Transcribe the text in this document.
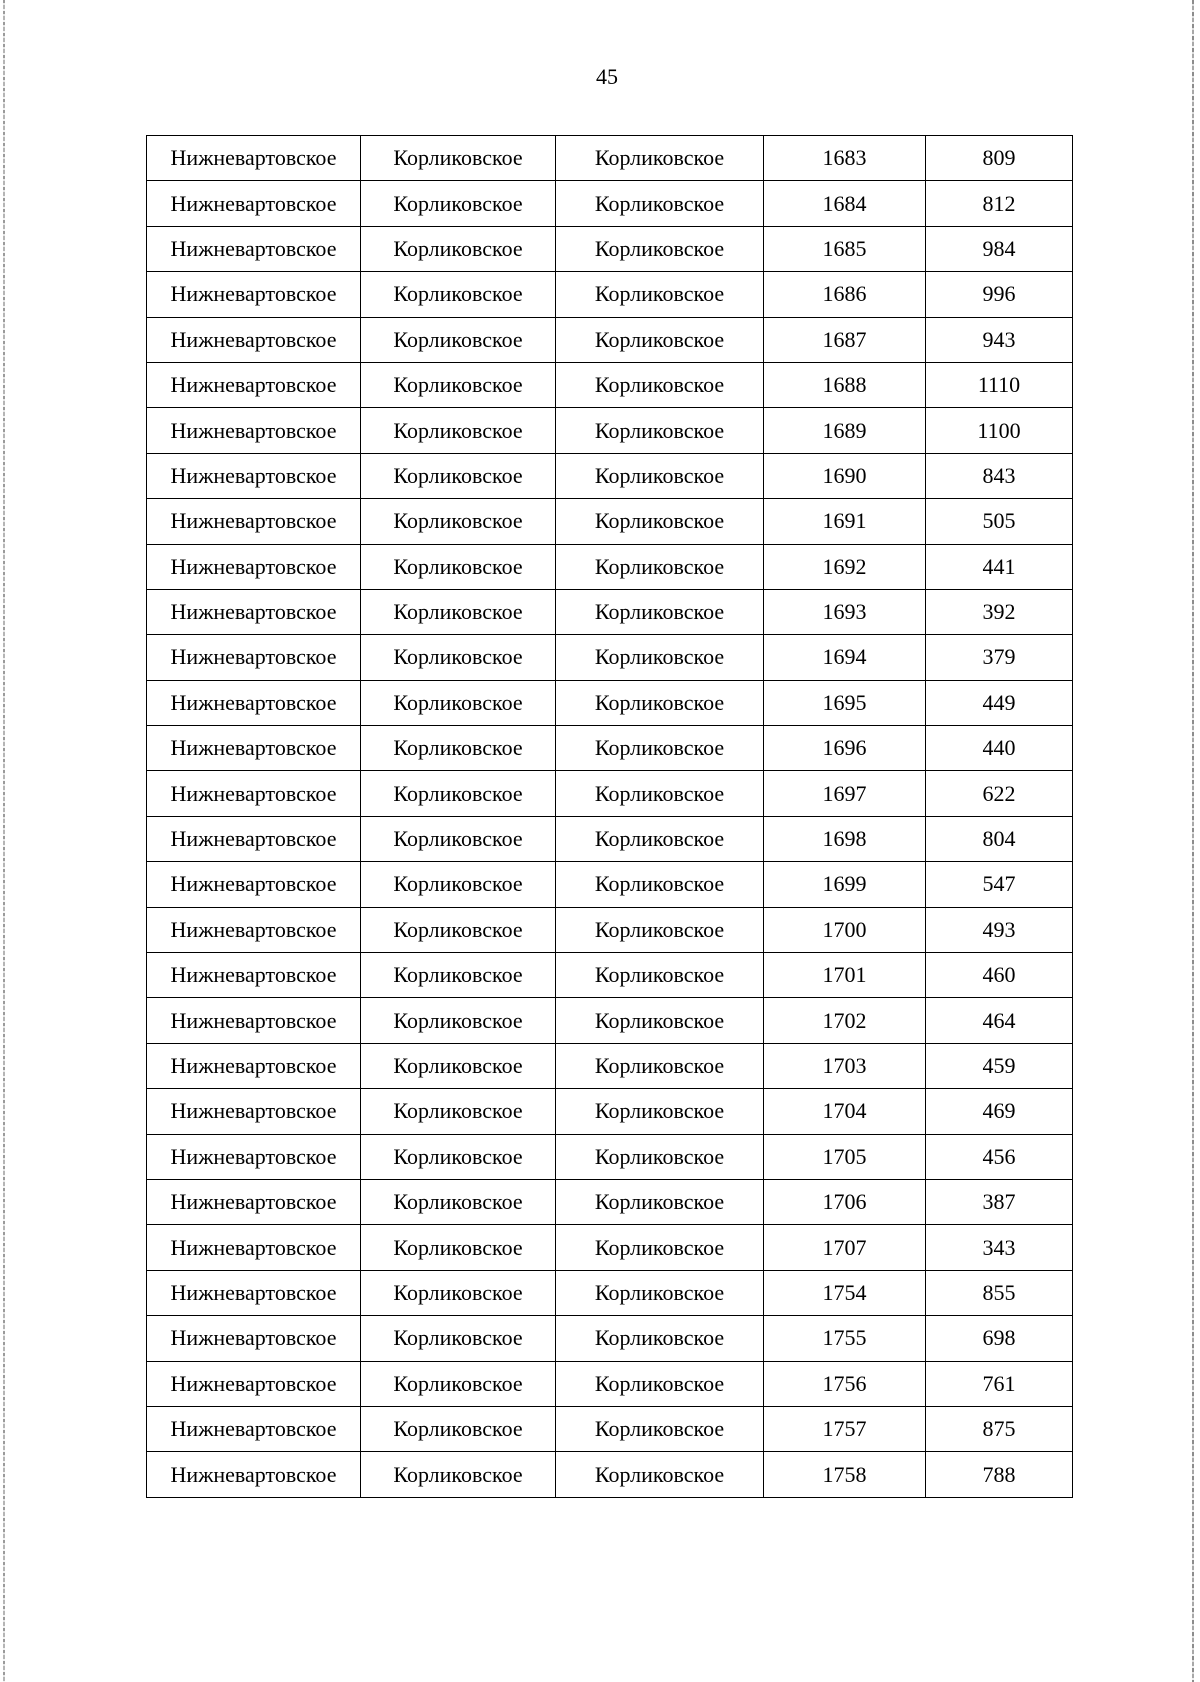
45
Нижневартовское	Корликовское	Корликовское	1683	809
Нижневартовское	Корликовское	Корликовское	1684	812
Нижневартовское	Корликовское	Корликовское	1685	984
Нижневартовское	Корликовское	Корликовское	1686	996
Нижневартовское	Корликовское	Корликовское	1687	943
Нижневартовское	Корликовское	Корликовское	1688	1110
Нижневартовское	Корликовское	Корликовское	1689	1100
Нижневартовское	Корликовское	Корликовское	1690	843
Нижневартовское	Корликовское	Корликовское	1691	505
Нижневартовское	Корликовское	Корликовское	1692	441
Нижневартовское	Корликовское	Корликовское	1693	392
Нижневартовское	Корликовское	Корликовское	1694	379
Нижневартовское	Корликовское	Корликовское	1695	449
Нижневартовское	Корликовское	Корликовское	1696	440
Нижневартовское	Корликовское	Корликовское	1697	622
Нижневартовское	Корликовское	Корликовское	1698	804
Нижневартовское	Корликовское	Корликовское	1699	547
Нижневартовское	Корликовское	Корликовское	1700	493
Нижневартовское	Корликовское	Корликовское	1701	460
Нижневартовское	Корликовское	Корликовское	1702	464
Нижневартовское	Корликовское	Корликовское	1703	459
Нижневартовское	Корликовское	Корликовское	1704	469
Нижневартовское	Корликовское	Корликовское	1705	456
Нижневартовское	Корликовское	Корликовское	1706	387
Нижневартовское	Корликовское	Корликовское	1707	343
Нижневартовское	Корликовское	Корликовское	1754	855
Нижневартовское	Корликовское	Корликовское	1755	698
Нижневартовское	Корликовское	Корликовское	1756	761
Нижневартовское	Корликовское	Корликовское	1757	875
Нижневартовское	Корликовское	Корликовское	1758	788
